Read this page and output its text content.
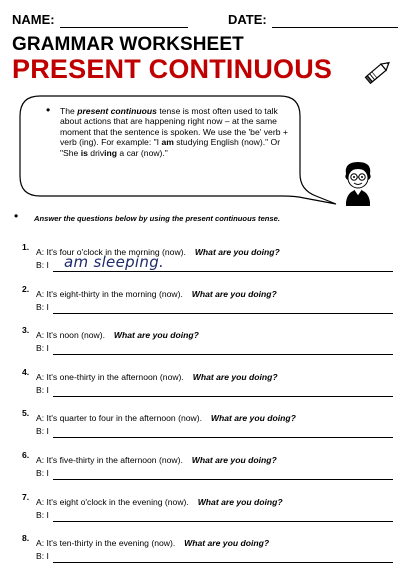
NAME:	DATE:
GRAMMAR WORKSHEET
PRESENT CONTINUOUS
• The present continuous tense is most often used to talk about actions that are happening right now – at the same moment that the sentence is spoken. We use the 'be' verb + verb (ing). For example: "I am studying English (now)." Or "She is driving a car (now)."
• Answer the questions below by using the present continuous tense.
1. A: It's four o'clock in the morning (now). What are you doing?
B: I
2. A: It's eight-thirty in the morning (now). What are you doing?
B: I
3. A: It's noon (now). What are you doing?
B: I
4. A: It's one-thirty in the afternoon (now). What are you doing?
B: I
5. A: It's quarter to four in the afternoon (now). What are you doing?
B: I
6. A: It's five-thirty in the afternoon (now). What are you doing?
B: I
7. A: It's eight o'clock in the evening (now). What are you doing?
B: I
8. A: It's ten-thirty in the evening (now). What are you doing?
B: I
am sleeping.
